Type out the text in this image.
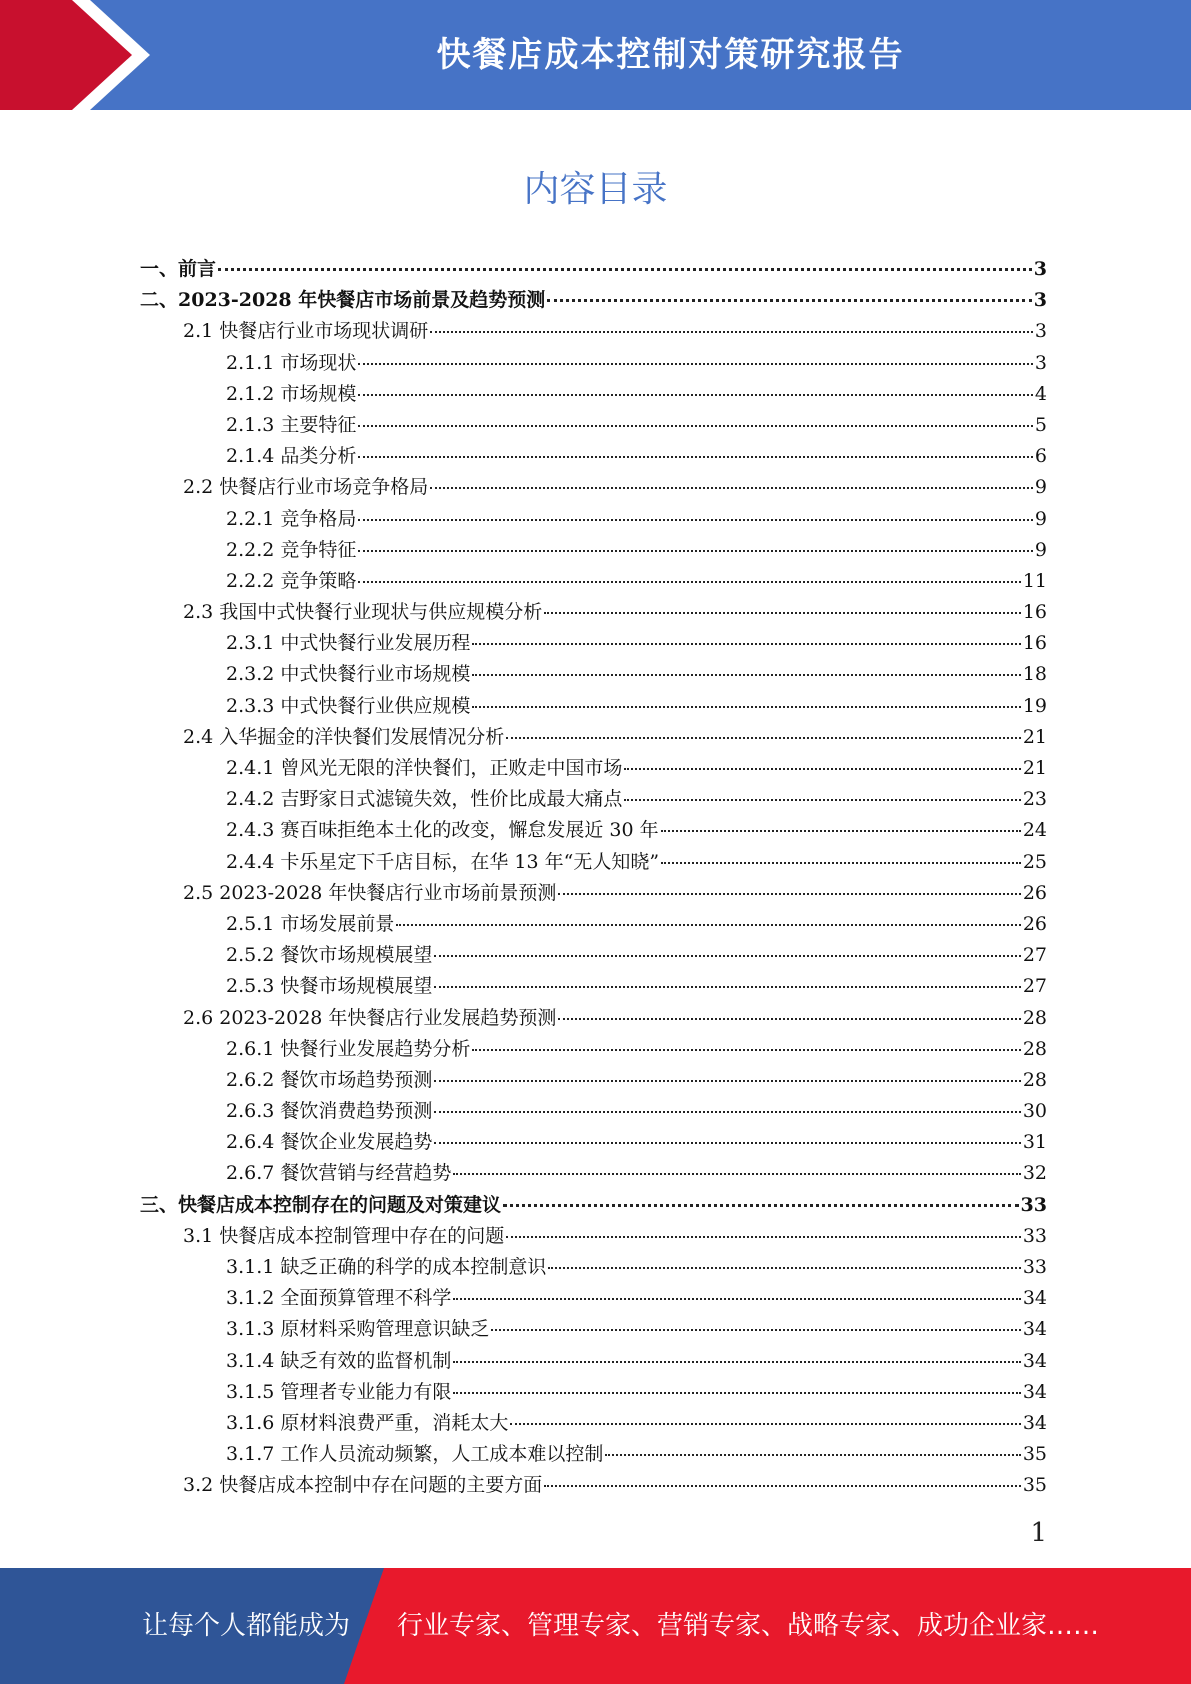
快餐店成本控制对策研究报告
内容目录
一、前言	3
二、2023-2028 年快餐店市场前景及趋势预测	3
2.1 快餐店行业市场现状调研	3
2.1.1 市场现状	3
2.1.2 市场规模	4
2.1.3 主要特征	5
2.1.4 品类分析	6
2.2 快餐店行业市场竞争格局	9
2.2.1 竞争格局	9
2.2.2 竞争特征	9
2.2.2 竞争策略	11
2.3 我国中式快餐行业现状与供应规模分析	16
2.3.1 中式快餐行业发展历程	16
2.3.2 中式快餐行业市场规模	18
2.3.3 中式快餐行业供应规模	19
2.4 入华掘金的洋快餐们发展情况分析	21
2.4.1 曾风光无限的洋快餐们，正败走中国市场	21
2.4.2 吉野家日式滤镜失效，性价比成最大痛点	23
2.4.3 赛百味拒绝本土化的改变，懈怠发展近 30 年	24
2.4.4 卡乐星定下千店目标，在华 13 年“无人知晓”	25
2.5 2023-2028 年快餐店行业市场前景预测	26
2.5.1 市场发展前景	26
2.5.2 餐饮市场规模展望	27
2.5.3 快餐市场规模展望	27
2.6 2023-2028 年快餐店行业发展趋势预测	28
2.6.1 快餐行业发展趋势分析	28
2.6.2 餐饮市场趋势预测	28
2.6.3 餐饮消费趋势预测	30
2.6.4 餐饮企业发展趋势	31
2.6.7 餐饮营销与经营趋势	32
三、快餐店成本控制存在的问题及对策建议	33
3.1 快餐店成本控制管理中存在的问题	33
3.1.1 缺乏正确的科学的成本控制意识	33
3.1.2 全面预算管理不科学	34
3.1.3 原材料采购管理意识缺乏	34
3.1.4 缺乏有效的监督机制	34
3.1.5 管理者专业能力有限	34
3.1.6 原材料浪费严重，消耗太大	34
3.1.7 工作人员流动频繁，人工成本难以控制	35
3.2 快餐店成本控制中存在问题的主要方面	35
1
让每个人都能成为 行业专家、管理专家、营销专家、战略专家、成功企业家……
